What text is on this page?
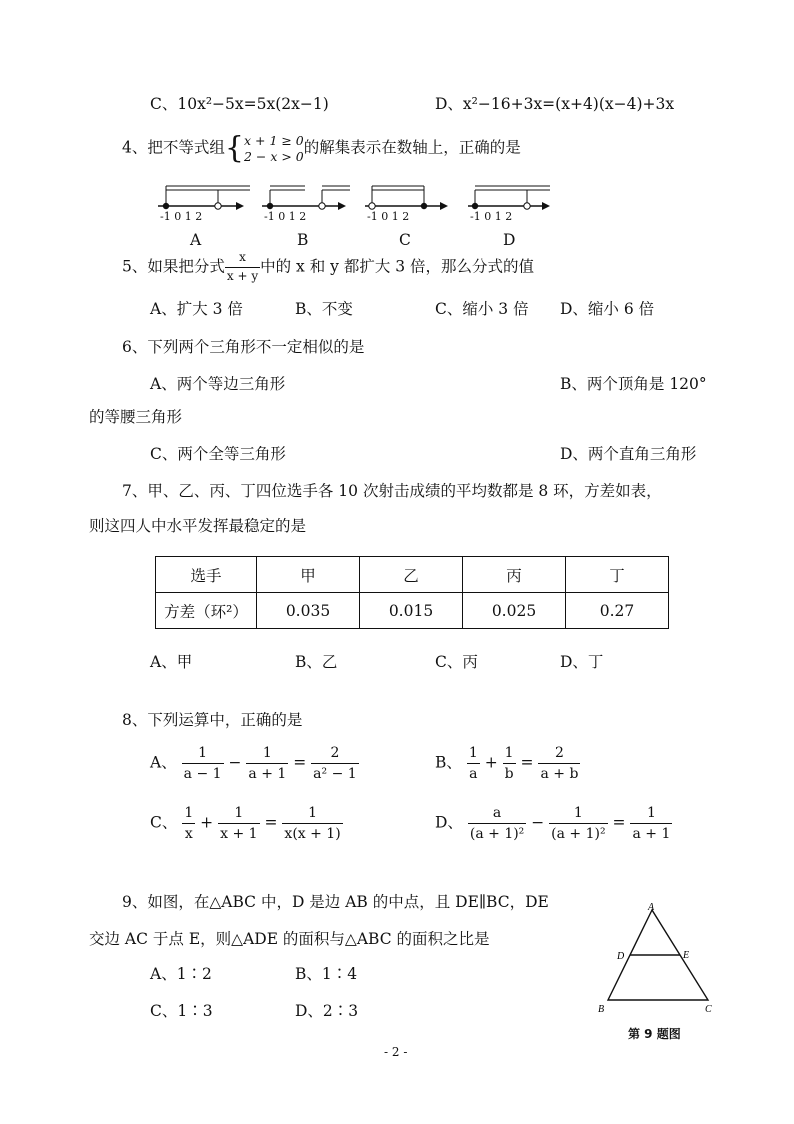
C、10x²−5x=5x(2x−1)	D、x²−16+3x=(x+4)(x−4)+3x
4、把不等式组{x + 1 ≥ 0
2 − x > 0的解集表示在数轴上，正确的是
-1 0 1 2	-1 0 1 2	-1 0 1 2	-1 0 1 2
A	B	C	D
5、如果把分式 $\frac{x}{x + y}$ 中的 x 和 y 都扩大 3 倍，那么分式的值
A、扩大 3 倍	B、不变	C、缩小 3 倍 D、缩小 6 倍
6、下列两个三角形不一定相似的是
A、两个等边三角形	B、两个顶角是 120°
的等腰三角形
C、两个全等三角形	D、两个直角三角形
7、甲、乙、丙、丁四位选手各 10 次射击成绩的平均数都是 8 环，方差如表，
则这四人中水平发挥最稳定的是
选手	甲	乙	丙	丁
方差（环²）	0.035	0.015	0.025	0.27
A、甲	B、乙	C、丙	D、丁
8、下列运算中，正确的是
A、 $\frac{1}{a - 1} - \frac{1}{a + 1} = \frac{2}{\text{a² − 1}}$	B、 $\frac{1}{a} + \frac{1}{b} = \frac{2}{a + b}$
C、 $\frac{1}{x} + \frac{1}{x + 1} = \frac{1}{x(x + 1)}$	D、 $\frac{a}{\text{(a + 1)²}} - \frac{1}{\text{(a + 1)²}} = \frac{1}{a + 1}$
9、如图，在△ABC 中，D 是边 AB 的中点，且 DE∥BC，DE
交边 AC 于点 E，则△ADE 的面积与△ABC 的面积之比是
A、1∶2	B、1∶4
C、1∶3	D、2∶3
A
D	E
B	C
第 9 题图
- 2 -
